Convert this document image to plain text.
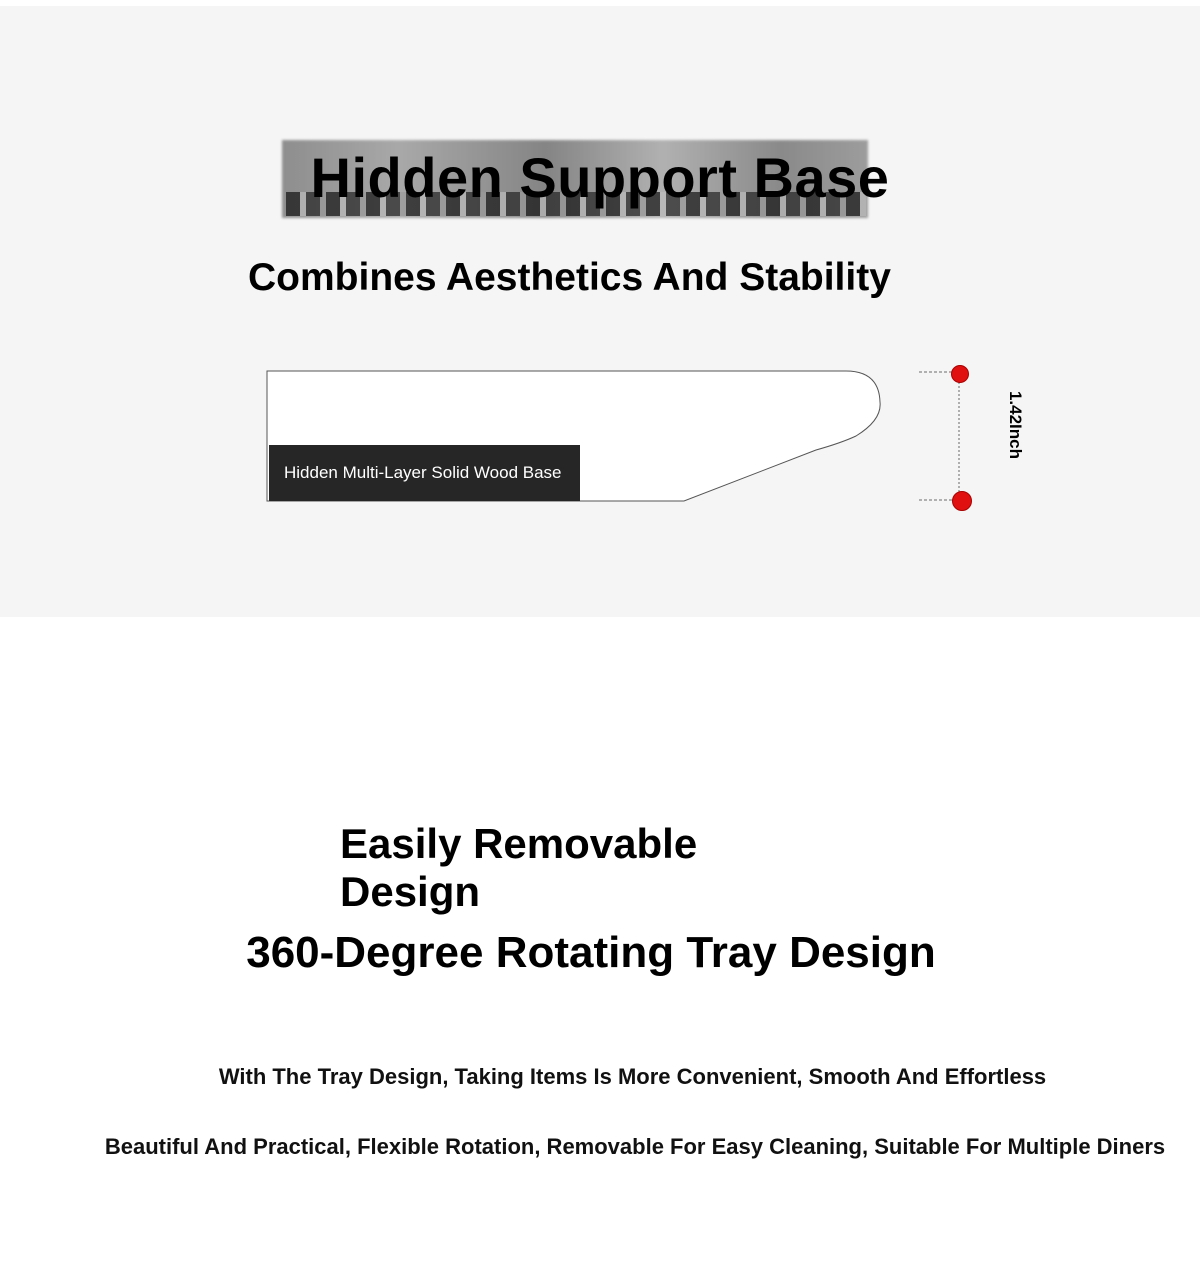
Hidden Support Base
Combines Aesthetics And Stability
Hidden Multi-Layer Solid Wood Base
1.42Inch
Easily Removable Design
360-Degree Rotating Tray Design
With The Tray Design, Taking Items Is More Convenient, Smooth And Effortless
Beautiful And Practical, Flexible Rotation, Removable For Easy Cleaning, Suitable For Multiple Diners
